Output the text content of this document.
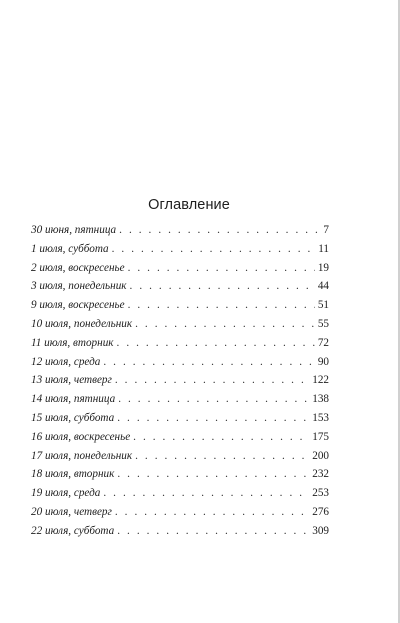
Оглавление
30 июня, пятница . . .	7
1 июля, суббота . . .	11
2 июля, воскресенье . . .	19
3 июля, понедельник . . .	44
9 июля, воскресенье . . .	51
10 июля, понедельник . . .	55
11 июля, вторник . . .	72
12 июля, среда . . .	90
13 июля, четверг . . .	122
14 июля, пятница . . .	138
15 июля, суббота . . .	153
16 июля, воскресенье . . .	175
17 июля, понедельник . . .	200
18 июля, вторник . . .	232
19 июля, среда . . .	253
20 июля, четверг . . .	276
22 июля, суббота . . .	309
